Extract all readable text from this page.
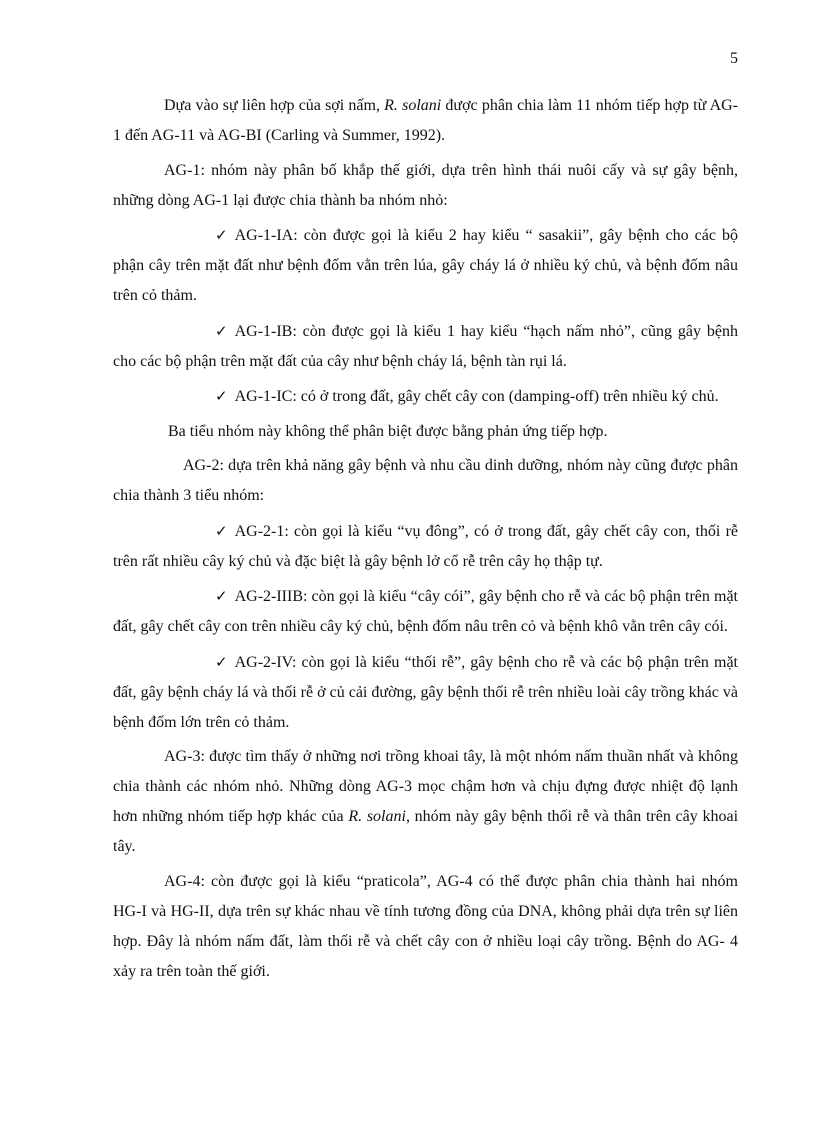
5

Dựa vào sự liên hợp của sợi nấm, R. solani được phân chia làm 11 nhóm tiếp hợp từ AG-1 đến AG-11 và AG-BI (Carling và Summer, 1992).

AG-1: nhóm này phân bố khắp thế giới, dựa trên hình thái nuôi cấy và sự gây bệnh, những dòng AG-1 lại được chia thành ba nhóm nhỏ:

✓ AG-1-IA: còn được gọi là kiểu 2 hay kiểu “ sasakii”, gây bệnh cho các bộ phận cây trên mặt đất như bệnh đốm vằn trên lúa, gây cháy lá ở nhiều ký chủ, và bệnh đốm nâu trên cỏ thảm.

✓ AG-1-IB: còn được gọi là kiểu 1 hay kiểu “hạch nấm nhỏ”, cũng gây bệnh cho các bộ phận trên mặt đất của cây như bệnh cháy lá, bệnh tàn rụi lá.

✓ AG-1-IC: có ở trong đất, gây chết cây con (damping-off) trên nhiều ký chủ.

Ba tiểu nhóm này không thể phân biệt được bằng phản ứng tiếp hợp.

AG-2: dựa trên khả năng gây bệnh và nhu cầu dinh dưỡng, nhóm này cũng được phân chia thành 3 tiểu nhóm:

✓ AG-2-1: còn gọi là kiểu “vụ đông”, có ở trong đất, gây chết cây con, thối rễ trên rất nhiều cây ký chủ và đặc biệt là gây bệnh lở cổ rễ trên cây họ thập tự.

✓ AG-2-IIIB: còn gọi là kiểu “cây cói”, gây bệnh cho rễ và các bộ phận trên mặt đất, gây chết cây con trên nhiều cây ký chủ, bệnh đốm nâu trên cỏ và bệnh khô vằn trên cây cói.

✓ AG-2-IV: còn gọi là kiểu “thối rễ”, gây bệnh cho rễ và các bộ phận trên mặt đất, gây bệnh cháy lá và thối rễ ở củ cải đường, gây bệnh thối rễ trên nhiều loài cây trồng khác và bệnh đốm lớn trên cỏ thảm.

AG-3: được tìm thấy ở những nơi trồng khoai tây, là một nhóm nấm thuần nhất và không chia thành các nhóm nhỏ. Những dòng AG-3 mọc chậm hơn và chịu đựng được nhiệt độ lạnh hơn những nhóm tiếp hợp khác của R. solani, nhóm này gây bệnh thối rễ và thân trên cây khoai tây.

AG-4: còn được gọi là kiểu “praticola”, AG-4 có thể được phân chia thành hai nhóm HG-I và HG-II, dựa trên sự khác nhau về tính tương đồng của DNA, không phải dựa trên sự liên hợp. Đây là nhóm nấm đất, làm thối rễ và chết cây con ở nhiều loại cây trồng. Bệnh do AG- 4 xảy ra trên toàn thế giới.
